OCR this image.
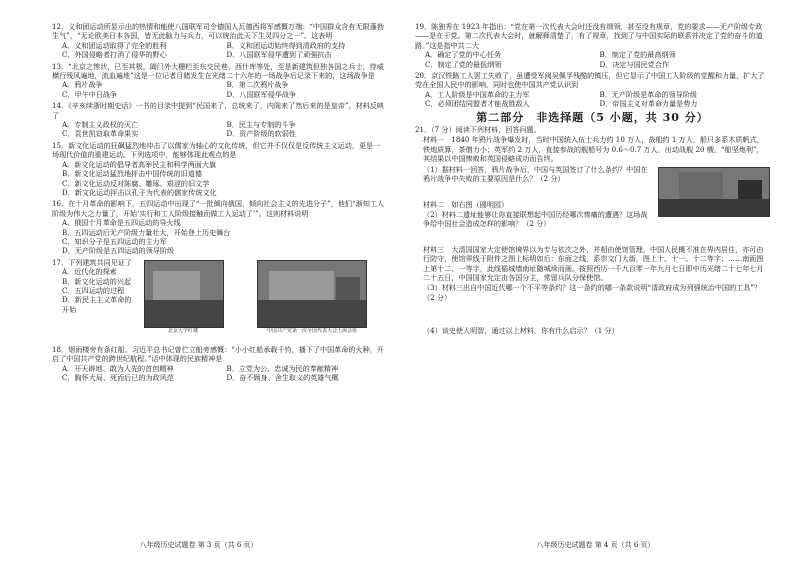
12．义和团运动所显示出的热情和能使八国联军司令德国人瓦德西将军感慨万端：“中国群众含有无限蓬勃生气”，“无论欧美日本各国，皆无此脑力与兵力，可以统治此天下生灵四分之一”。这表明

A．义和团运动取得了完全的胜利	B．义和团运动始终得到清政府的支持
C．外国侵略者打消了侵华的野心	D．八国联军侵华遭到了顽强抗击

13．“北京之惨状，已至其极。阖门外大栅栏至东交民巷、西什库等处，至是新建筑但独各国之兵士，恃威横行残风遍地，流血遍地”这是一位记者目睹发生在光绪二十六年的一场战争后记录下来的，这场战争是

A．鸦片战争	B．第二次鸦片战争
C．甲午中日战争	D．八国联军侵华战争

14．《辛亥续浙时期史话》一书的目录中提到“民国来了，总统来了，内阁来了然后来的是皇帝”。材料反映了

A．专制主义政权的灭亡	B．民主与专制的斗争
C．袁世凯窃取革命果实	D．资产阶级的软弱性

15．新文化运动的狂飙猛烈地冲击了以儒家为轴心的文化传统，但它并不仅仅是反传统主义运动，更是一场现代价值的重建运动。下列选项中，能够体现此观点的是

A．新文化运动的倡导者高举民主和科学两面大旗
B．新文化运动猛烈地抨击中国传统的旧道德
C．新文化运动反对陈腐、雕琢、艰涩的旧文学
D．新文化运动抨击以孔子为代表的儒家传统文化

16．在十月革命的影响下，五四运动中出现了“一批倾向俄国，倾向社会主义的先进分子”，他们“渐知工人阶级为伟大之力量了，开始‘实行和工人阶级接触而做工人运动了’”。这则材料说明

A．俄国十月革命是五四运动的导火线
B．五四运动后无产阶级力量壮大，开始登上历史舞台
C．知识分子是五四运动的主力军
D．无产阶级是五四运动的领导阶级

17．下列建筑共同见证了

A．近代化的探索
B．新文化运动的兴起
C．五四运动的过程
D．新民主主义革命的开始
北京大学红楼	中国共产党第一次全国代表大会上海会址

18．烟雨楼旁有条红船。习近平总书记曾伫立船旁感慨：“小小红船承载千钧，播下了中国革命的火种，开启了中国共产党的跨世纪航程。”话中体现的民族精神是

A．开天辟地、敢为人先的首创精神	B．立党为公、忠诚为民的奉献精神
C．胸怀大局、死而后已的为政风范	D．奋不顾身、舍生取义的英雄气概
八年级历史试题卷 第 3 页（共 6 页）

19．陈独秀在 1923 年指出：“党在第一次代表大会时还没有纲领，甚至没有规章，党的要求——无产阶级专政——是在于党。第二次代表大会时，就解释清楚了，有了规章，找到了与中国实际的联系并决定了党的奋斗的道路。”这是指中共二大

A．确定了党的中心任务	B．制定了党的最高纲领
C．制定了党的最低纲领	D．决定与国民党合作

20．京汉铁路工人罢工失败了，虽遭受军阀吴佩孚残酷的镇压，但它显示了中国工人阶级的觉醒和力量，扩大了党在全国人民中的影响，同时也使中国共产党认识到

A．工人阶级是中国革命的主力军	B．无产阶级是革命的领导阶级
C．必须团结同盟者才能战胜敌人	D．帝国主义对革命力量是势力
第二部分　非选择题（5 小题，共 30 分）

21．（7 分）阅读下列材料，回答问题。

材料一　1840 年鸦片战争爆发时，当时中国统入伍士兵力约 10 万人，战船约 1 万人，船只多系木质帆式，铁炮质算，茶僧力小；英军约 2 万人，直接参战的舰船号为 0.6～0.7 万人，出动战舰 20 艘，“船坚炮利”，其结果以中国惨败和英国侵略成功而告终。

（1）据材料一回答，鸦片战争后，中国与英国签订了什么条约？中国在鸦片战争中失败的主要原因是什么？（2 分）

材料二　如右图（圆明园）

（2）材料二遗址能够让你直接联想起中国历经哪次惨痛的遭遇？这场战争给中国社会造成怎样的影响？（2 分）

材料三　大清国国家大定使馆境界以为专与依次之外，并相由使馆管理，中国人民概不准在界内居住，亦可由行防守，使馆界线于附件之图上标明如后：东面之线，系崇文门大街，图上十、十一、十二等字；……南面图上第十二、一等字，此线循城墙南址随城垛而画。按照西历一千九百零一年九月七日即中历光绪二十七年七月二十五日，中国国家允定由各国分主，常留兵队分保使馆。

（3）材料三出自中国近代哪一个不平等条约？这一条约的哪一条款说明“清政府成为列强统治中国的工具”？（2 分）

（4）谈史使人明智，通过以上材料，你有什么启示？（1 分）

八年级历史试题卷 第 4 页（共 6 页）
